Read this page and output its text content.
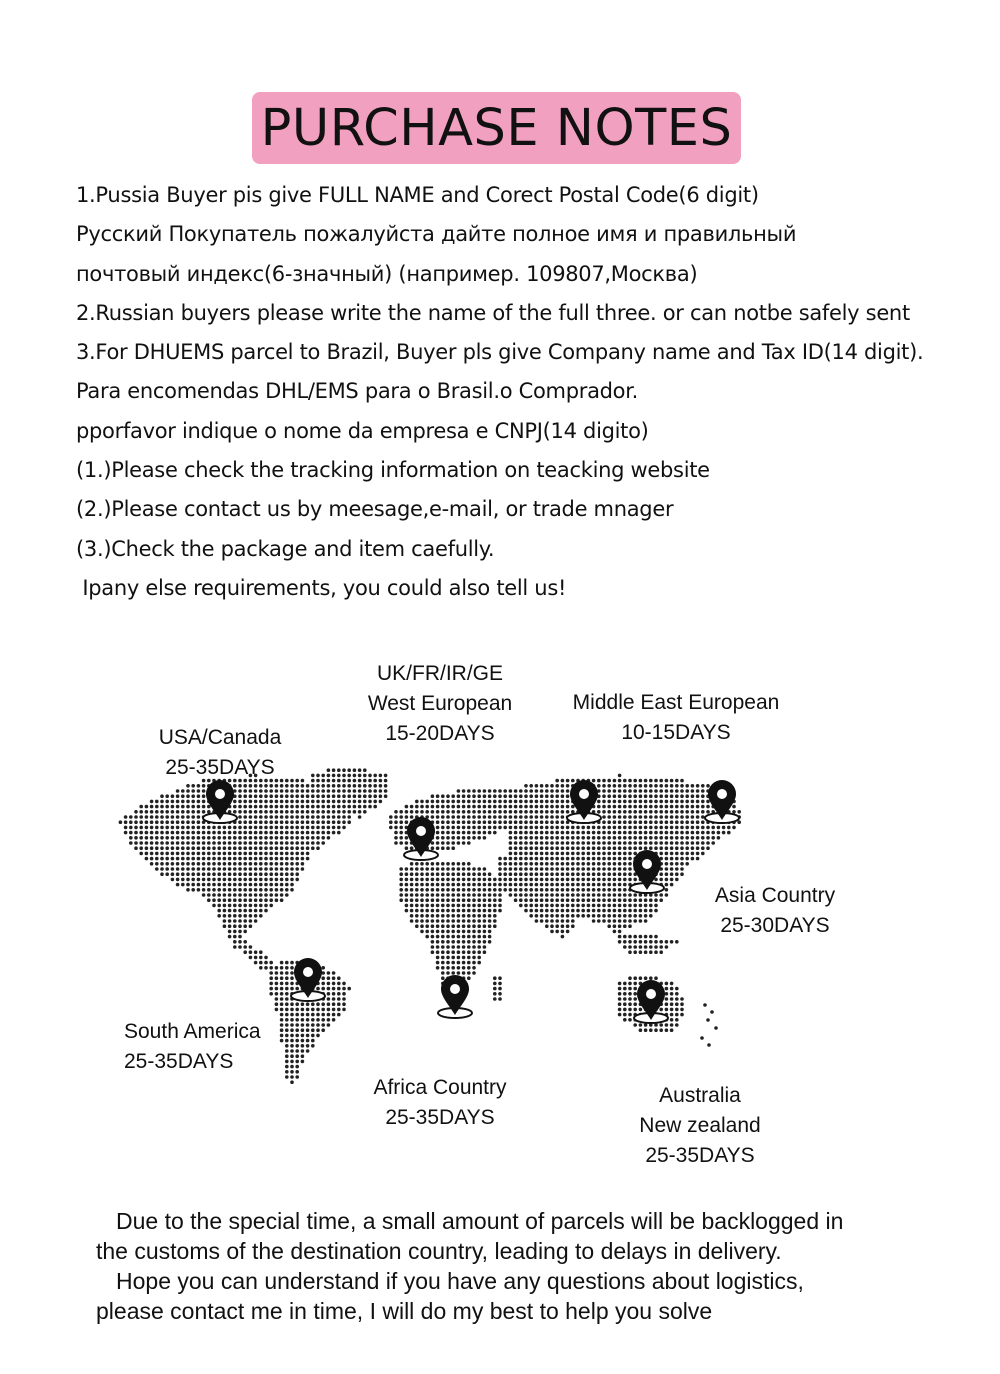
PURCHASE NOTES
1.Pussia Buyer pis give FULL NAME and Corect Postal Code(6 digit)
Русский Покупатель пожалуйста дайте полное имя и правильный
почтовый индекс(6-значный) (например. 109807,Москва)
2.Russian buyers please write the name of the full three. or can notbe safely sent
3.For DHUEMS parcel to Brazil, Buyer pls give Company name and Tax ID(14 digit).
Para encomendas DHL/EMS para o Brasil.o Comprador.
pporfavor indique o nome da empresa e CNPJ(14 digito)
(1.)Please check the tracking information on teacking website
(2.)Please contact us by meesage,e-mail, or trade mnager
(3.)Check the package and item caefully.
Ipany else requirements, you could also tell us!
UK/FR/IR/GE
West European
15-20DAYS
Middle East European
10-15DAYS
USA/Canada
25-35DAYS
Asia Country
25-30DAYS
South America
25-35DAYS
Africa Country
25-35DAYS
Australia
New zealand
25-35DAYS
Due to the special time, a small amount of parcels will be backlogged in
the customs of the destination country, leading to delays in delivery.
Hope you can understand if you have any questions about logistics,
please contact me in time, I will do my best to help you solve
